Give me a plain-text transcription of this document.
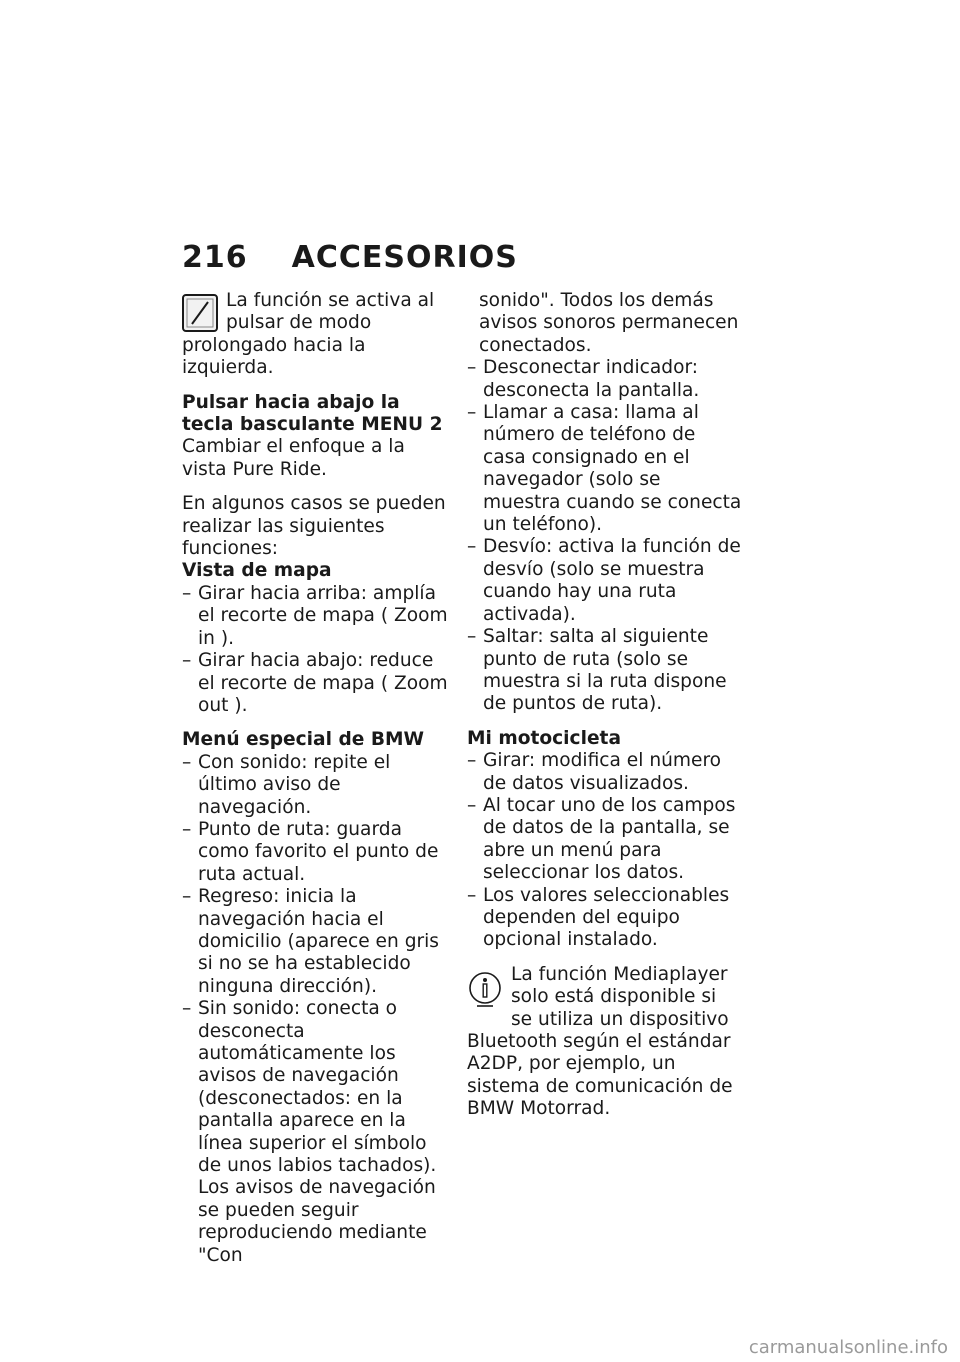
216 ACCESORIOS

La función se activa al pulsar de modo prolongado hacia la izquierda.

Pulsar hacia abajo la tecla basculante MENU 2

Cambiar el enfoque a la vista Pure Ride.

En algunos casos se pueden realizar las siguientes funciones:

Vista de mapa

– Girar hacia arriba: amplía el recorte de mapa ( Zoom in ).
– Girar hacia abajo: reduce el recorte de mapa ( Zoom out ).

Menú especial de BMW

– Con sonido: repite el último aviso de navegación.
– Punto de ruta: guarda como favorito el punto de ruta actual.
– Regreso: inicia la navegación hacia el domicilio (aparece en gris si no se ha establecido ninguna dirección).
– Sin sonido: conecta o desconecta automáticamente los avisos de navegación (desconectados: en la pantalla aparece en la línea superior el símbolo de unos labios tachados). Los avisos de navegación se pueden seguir reproduciendo mediante "Con
sonido". Todos los demás avisos sonoros permanecen conectados.
– Desconectar indicador: desconecta la pantalla.
– Llamar a casa: llama al número de teléfono de casa consignado en el navegador (solo se muestra cuando se conecta un teléfono).
– Desvío: activa la función de desvío (solo se muestra cuando hay una ruta activada).
– Saltar: salta al siguiente punto de ruta (solo se muestra si la ruta dispone de puntos de ruta).

Mi motocicleta

– Girar: modifica el número de datos visualizados.
– Al tocar uno de los campos de datos de la pantalla, se abre un menú para seleccionar los datos.
– Los valores seleccionables dependen del equipo opcional instalado.

La función Mediaplayer solo está disponible si se utiliza un dispositivo Bluetooth según el estándar A2DP, por ejemplo, un sistema de comunicación de BMW Motorrad.

carmanualsonline.info
